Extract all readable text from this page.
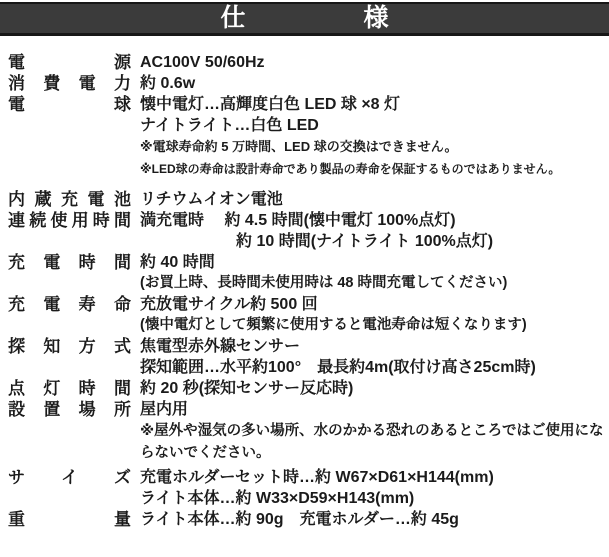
仕	様
電	源 AC100V 50/60Hz
消 費 電 力 約 0.6w
電	球 懐中電灯…高輝度白色 LED 球 ×8 灯
ナイトライト…白色 LED
※電球寿命約 5 万時間、LED 球の交換はできません。
※LED球の寿命は設計寿命であり製品の寿命を保証するものではありません。
内 蔵 充 電 池 リチウムイオン電池
連 続 使 用 時 間 満充電時　 約 4.5 時間(懐中電灯 100%点灯)
約 10 時間(ナイトライト 100%点灯)
充 電 時 間 約 40 時間
(お買上時、長時間未使用時は 48 時間充電してください)
充 電 寿 命 充放電サイクル約 500 回
(懐中電灯として頻繁に使用すると電池寿命は短くなります)
探 知 方 式 焦電型赤外線センサー
探知範囲…水平約100°　最長約4m(取付け高さ25cm時)
点 灯 時 間 約 20 秒(探知センサー反応時)
設 置 場 所 屋内用
※屋外や湿気の多い場所、水のかかる恐れのあるところではご使用にならないでください。
サ イ ズ 充電ホルダーセット時…約 W67×D61×H144(mm)
ライト本体…約 W33×D59×H143(mm)
重	量 ライト本体…約 90g　充電ホルダー…約 45g
